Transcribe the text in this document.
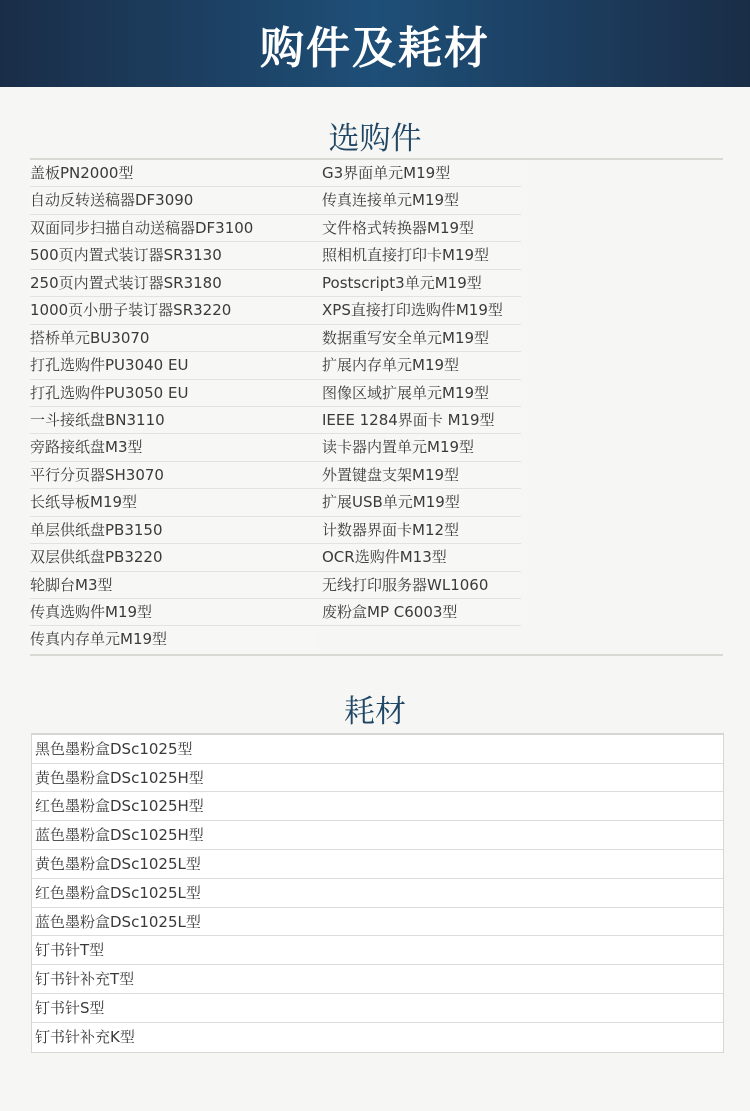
购件及耗材
选购件
盖板PN2000型
自动反转送稿器DF3090
双面同步扫描自动送稿器DF3100
500页内置式装订器SR3130
250页内置式装订器SR3180
1000页小册子装订器SR3220
搭桥单元BU3070
打孔选购件PU3040 EU
打孔选购件PU3050 EU
一斗接纸盘BN3110
旁路接纸盘M3型
平行分页器SH3070
长纸导板M19型
单层供纸盘PB3150
双层供纸盘PB3220
轮脚台M3型
传真选购件M19型
传真内存单元M19型
G3界面单元M19型
传真连接单元M19型
文件格式转换器M19型
照相机直接打印卡M19型
Postscript3单元M19型
XPS直接打印选购件M19型
数据重写安全单元M19型
扩展内存单元M19型
图像区域扩展单元M19型
IEEE 1284界面卡 M19型
读卡器内置单元M19型
外置键盘支架M19型
扩展USB单元M19型
计数器界面卡M12型
OCR选购件M13型
无线打印服务器WL1060
废粉盒MP C6003型
耗材
黑色墨粉盒DSc1025型
黄色墨粉盒DSc1025H型
红色墨粉盒DSc1025H型
蓝色墨粉盒DSc1025H型
黄色墨粉盒DSc1025L型
红色墨粉盒DSc1025L型
蓝色墨粉盒DSc1025L型
钉书针T型
钉书针补充T型
钉书针S型
钉书针补充K型
